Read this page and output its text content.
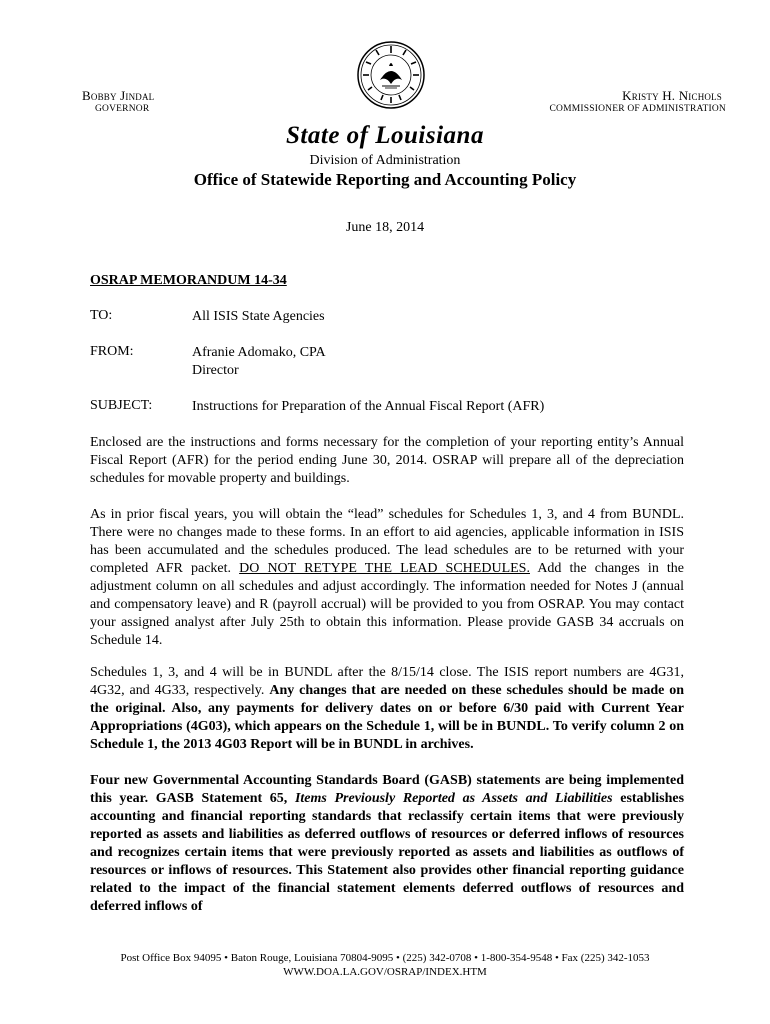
Bobby Jindal
GOVERNOR
Kristy H. Nichols
COMMISSIONER OF ADMINISTRATION
State of Louisiana
Division of Administration
Office of Statewide Reporting and Accounting Policy
June 18, 2014
OSRAP MEMORANDUM 14-34
TO:	All ISIS State Agencies
FROM:	Afranie Adomako, CPA
Director
SUBJECT:	Instructions for Preparation of the Annual Fiscal Report (AFR)
Enclosed are the instructions and forms necessary for the completion of your reporting entity’s Annual Fiscal Report (AFR) for the period ending June 30, 2014. OSRAP will prepare all of the depreciation schedules for movable property and buildings.
As in prior fiscal years, you will obtain the “lead” schedules for Schedules 1, 3, and 4 from BUNDL. There were no changes made to these forms. In an effort to aid agencies, applicable information in ISIS has been accumulated and the schedules produced. The lead schedules are to be returned with your completed AFR packet. DO NOT RETYPE THE LEAD SCHEDULES. Add the changes in the adjustment column on all schedules and adjust accordingly. The information needed for Notes J (annual and compensatory leave) and R (payroll accrual) will be provided to you from OSRAP. You may contact your assigned analyst after July 25th to obtain this information. Please provide GASB 34 accruals on Schedule 14.
Schedules 1, 3, and 4 will be in BUNDL after the 8/15/14 close. The ISIS report numbers are 4G31, 4G32, and 4G33, respectively. Any changes that are needed on these schedules should be made on the original. Also, any payments for delivery dates on or before 6/30 paid with Current Year Appropriations (4G03), which appears on the Schedule 1, will be in BUNDL. To verify column 2 on Schedule 1, the 2013 4G03 Report will be in BUNDL in archives.
Four new Governmental Accounting Standards Board (GASB) statements are being implemented this year. GASB Statement 65, Items Previously Reported as Assets and Liabilities establishes accounting and financial reporting standards that reclassify certain items that were previously reported as assets and liabilities as deferred outflows of resources or deferred inflows of resources and recognizes certain items that were previously reported as assets and liabilities as outflows of resources or inflows of resources. This Statement also provides other financial reporting guidance related to the impact of the financial statement elements deferred outflows of resources and deferred inflows of
Post Office Box 94095 • Baton Rouge, Louisiana 70804-9095 • (225) 342-0708 • 1-800-354-9548 • Fax (225) 342-1053
WWW.DOA.LA.GOV/OSRAP/INDEX.HTM
